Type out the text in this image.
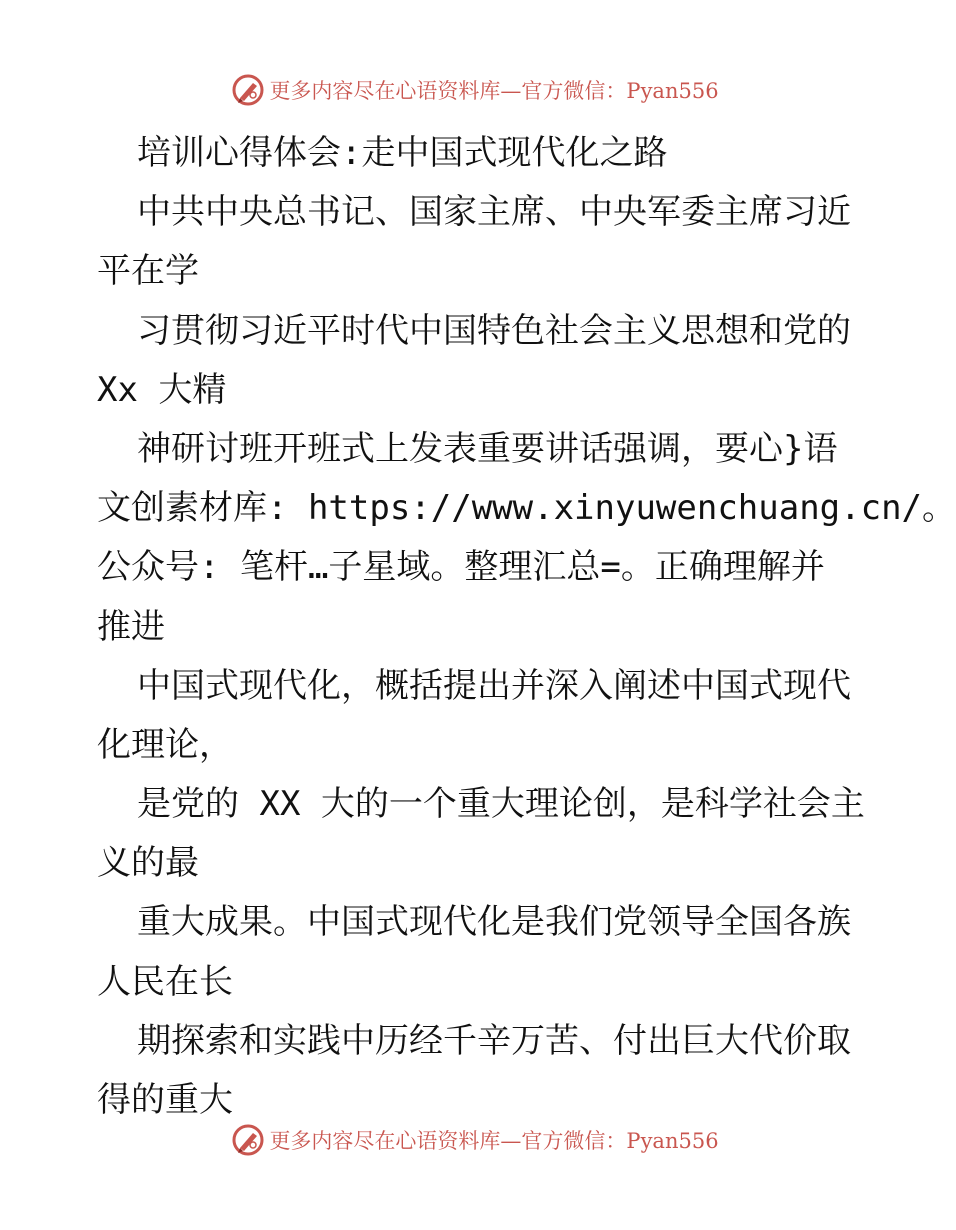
更多内容尽在心语资料库—官方微信：Pyan556
培训心得体会:走中国式现代化之路
中共中央总书记、国家主席、中央军委主席习近
平在学
习贯彻习近平时代中国特色社会主义思想和党的
Xx 大精
神研讨班开班式上发表重要讲话强调，要心}语
文创素材库: https://www.xinyuwenchuang.cn/。
公众号: 笔杆…子星域。整理汇总=。正确理解并
推进
中国式现代化，概括提出并深入阐述中国式现代
化理论，
是党的 XX 大的一个重大理论创，是科学社会主
义的最
重大成果。中国式现代化是我们党领导全国各族
人民在长
期探索和实践中历经千辛万苦、付出巨大代价取
得的重大
更多内容尽在心语资料库—官方微信：Pyan556
